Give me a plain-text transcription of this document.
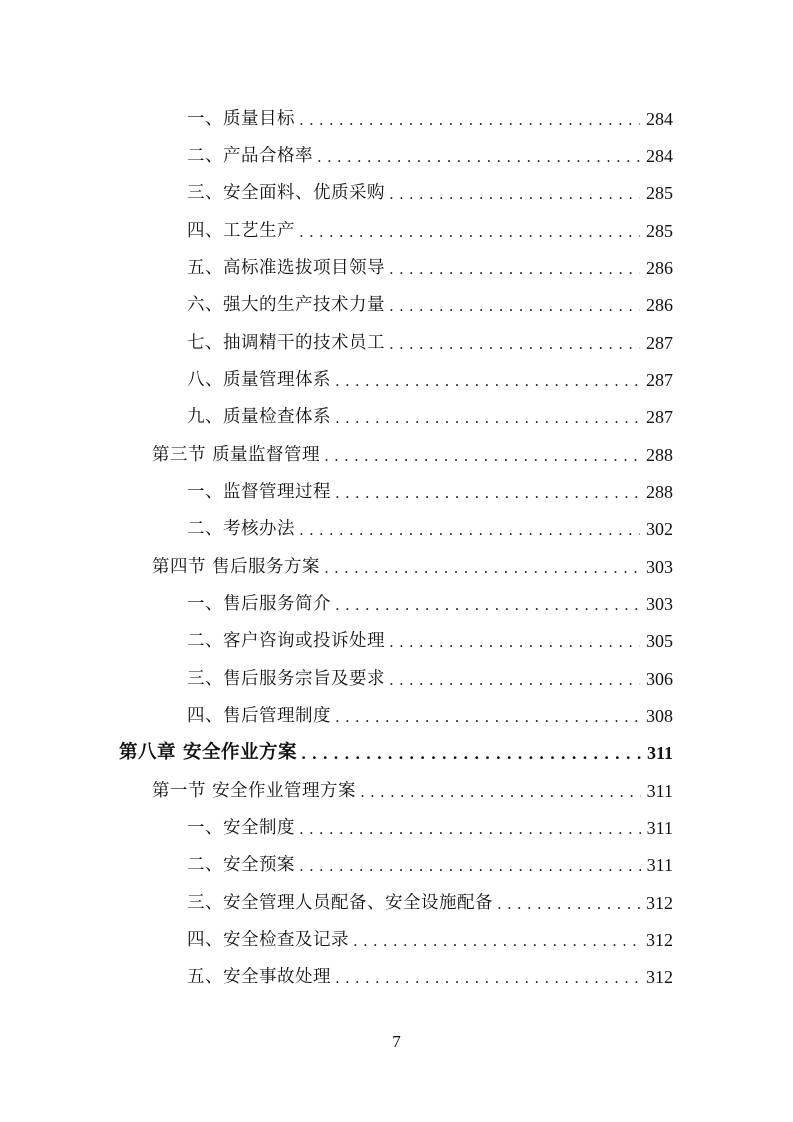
一、质量目标 .....	284
二、产品合格率 .....	284
三、安全面料、优质采购 .....	285
四、工艺生产 .....	285
五、高标准选拔项目领导 .....	286
六、强大的生产技术力量 .....	286
七、抽调精干的技术员工 .....	287
八、质量管理体系 .....	287
九、质量检查体系 .....	287
第三节 质量监督管理 .....	288
一、监督管理过程 .....	288
二、考核办法 .....	302
第四节 售后服务方案 .....	303
一、售后服务简介 .....	303
二、客户咨询或投诉处理 .....	305
三、售后服务宗旨及要求 .....	306
四、售后管理制度 .....	308
第八章 安全作业方案 .....	311
第一节 安全作业管理方案 .....	311
一、安全制度 .....	311
二、安全预案 .....	311
三、安全管理人员配备、安全设施配备 .....	312
四、安全检查及记录 .....	312
五、安全事故处理 .....	312
7
